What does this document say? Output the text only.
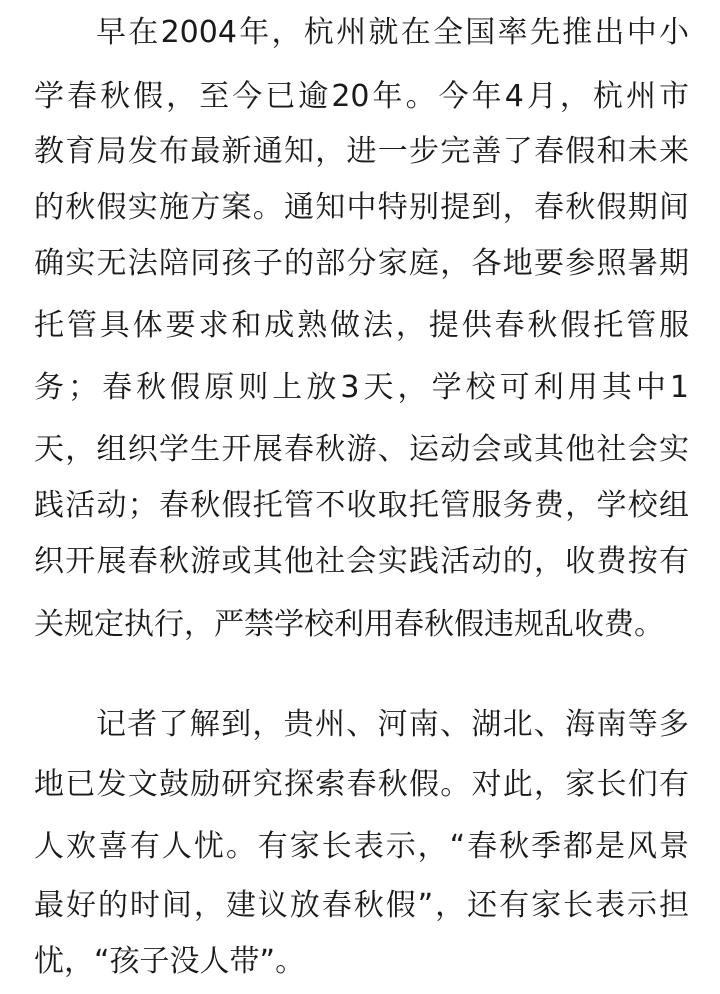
早在2004年，杭州就在全国率先推出中小
学春秋假，至今已逾20年。今年4月，杭州市
教育局发布最新通知，进一步完善了春假和未来
的秋假实施方案。通知中特别提到，春秋假期间
确实无法陪同孩子的部分家庭，各地要参照暑期
托管具体要求和成熟做法，提供春秋假托管服
务；春秋假原则上放3天，学校可利用其中1
天，组织学生开展春秋游、运动会或其他社会实
践活动；春秋假托管不收取托管服务费，学校组
织开展春秋游或其他社会实践活动的，收费按有
关规定执行，严禁学校利用春秋假违规乱收费。
记者了解到，贵州、河南、湖北、海南等多
地已发文鼓励研究探索春秋假。对此，家长们有
人欢喜有人忧。有家长表示，“春秋季都是风景
最好的时间，建议放春秋假”，还有家长表示担
忧，“孩子没人带”。
